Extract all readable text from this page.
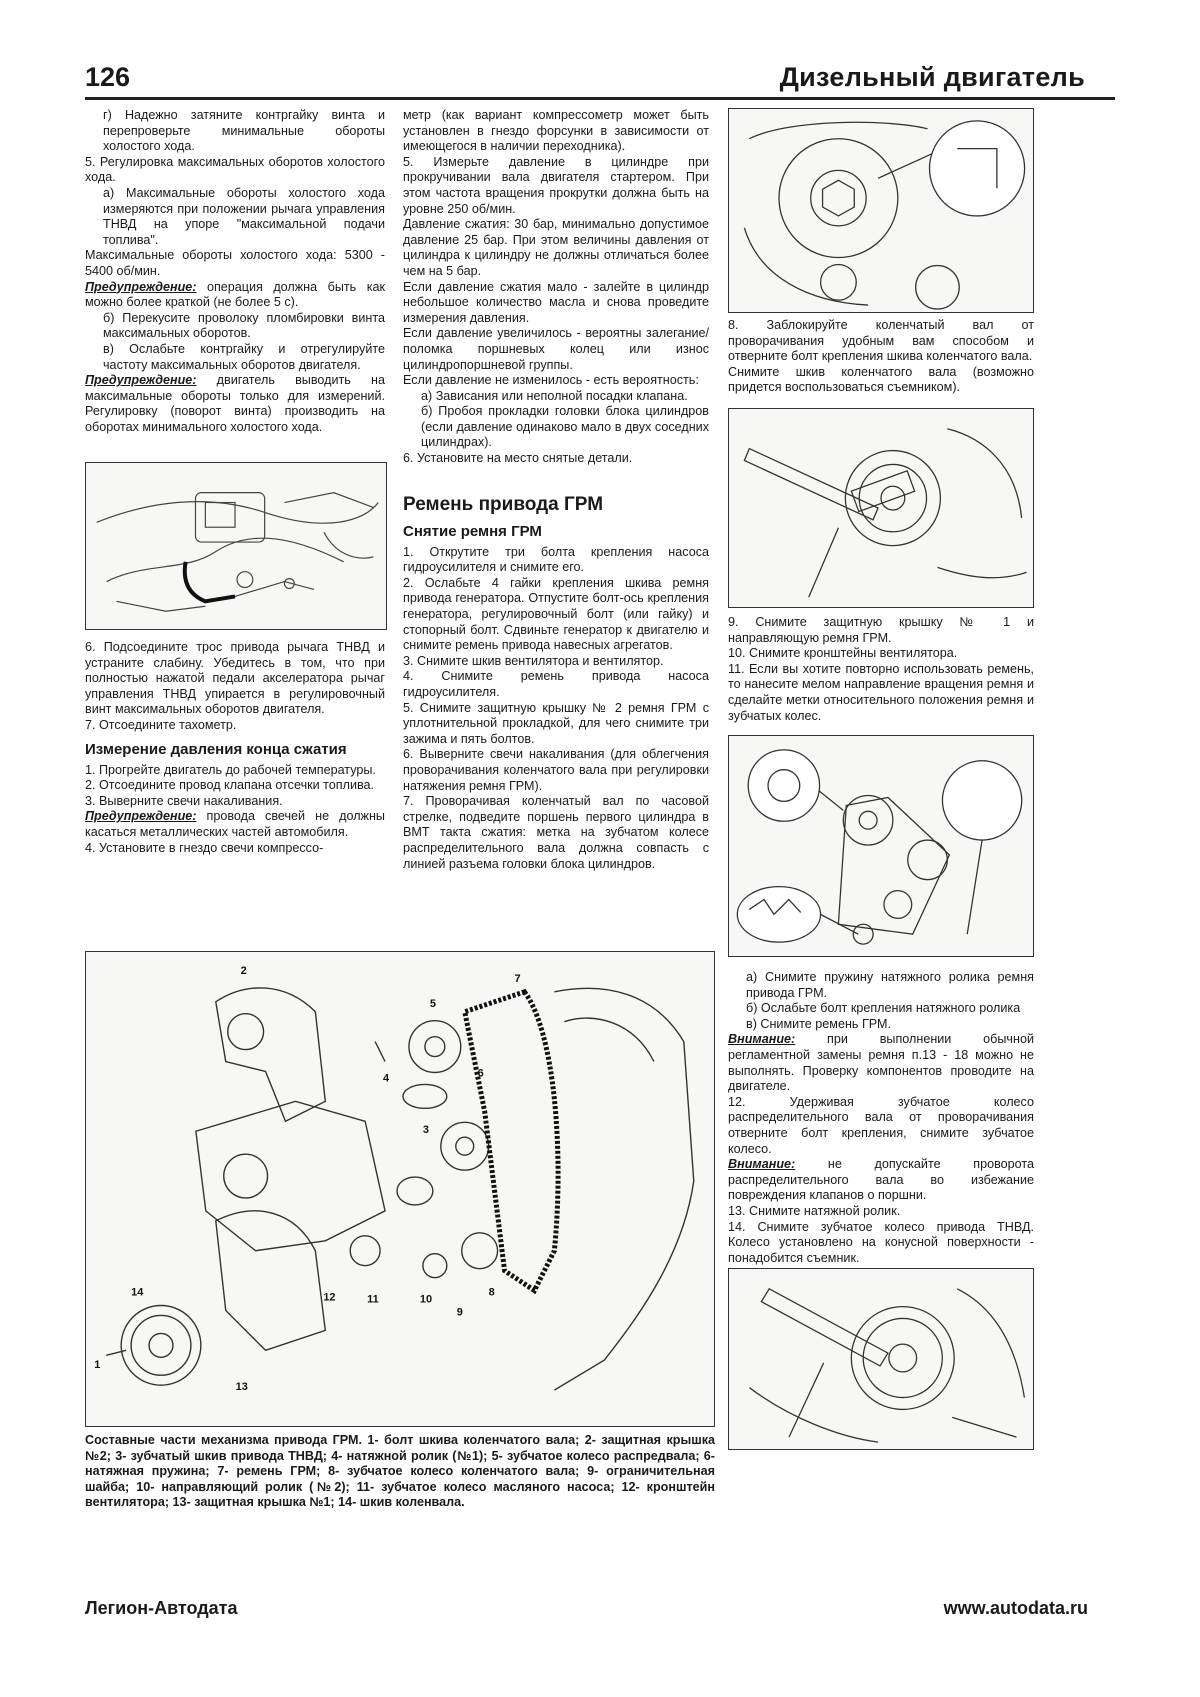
126	Дизельный двигатель

г) Надежно затяните контргайку винта и перепроверьте минимальные обороты холостого хода.

5. Регулировка максимальных оборотов холостого хода.

а) Максимальные обороты холостого хода измеряются при положении рычага управления ТНВД на упоре "максимальной подачи топлива".

Максимальные обороты холостого хода: 5300 - 5400 об/мин.

Предупреждение: операция должна быть как можно более краткой (не более 5 с).

б) Перекусите проволоку пломбировки винта максимальных оборотов.

в) Ослабьте контргайку и отрегулируйте частоту максимальных оборотов двигателя.

Предупреждение: двигатель выводить на максимальные обороты только для измерений. Регулировку (поворот винта) производить на оборотах минимального холостого хода.

6. Подсоедините трос привода рычага ТНВД и устраните слабину. Убедитесь в том, что при полностью нажатой педали акселератора рычаг управления ТНВД упирается в регулировочный винт максимальных оборотов двигателя.

7. Отсоедините тахометр.

Измерение давления конца сжатия

1. Прогрейте двигатель до рабочей температуры.

2. Отсоедините провод клапана отсечки топлива.

3. Выверните свечи накаливания.

Предупреждение: провода свечей не должны касаться металлических частей автомобиля.

4. Установите в гнездо свечи компрессо-

метр (как вариант компрессометр может быть установлен в гнездо форсунки в зависимости от имеющегося в наличии переходника).

5. Измерьте давление в цилиндре при прокручивании вала двигателя стартером. При этом частота вращения прокрутки должна быть на уровне 250 об/мин.

Давление сжатия: 30 бар, минимально допустимое давление 25 бар. При этом величины давления от цилиндра к цилиндру не должны отличаться более чем на 5 бар.

Если давление сжатия мало - залейте в цилиндр небольшое количество масла и снова проведите измерения давления.

Если давление увеличилось - вероятны залегание/поломка поршневых колец или износ цилиндропоршневой группы.

Если давление не изменилось - есть вероятность:

а) Зависания или неполной посадки клапана.

б) Пробоя прокладки головки блока цилиндров (если давление одинаково мало в двух соседних цилиндрах).

6. Установите на место снятые детали.

Ремень привода ГРМ
Снятие ремня ГРМ

1. Открутите три болта крепления насоса гидроусилителя и снимите его.

2. Ослабьте 4 гайки крепления шкива ремня привода генератора. Отпустите болт-ось крепления генератора, регулировочный болт (или гайку) и стопорный болт. Сдвиньте генератор к двигателю и снимите ремень привода навесных агрегатов.

3. Снимите шкив вентилятора и вентилятор.

4. Снимите ремень привода насоса гидроусилителя.

5. Снимите защитную крышку № 2 ремня ГРМ с уплотнительной прокладкой, для чего снимите три зажима и пять болтов.

6. Выверните свечи накаливания (для облегчения проворачивания коленчатого вала при регулировки натяжения ремня ГРМ).

7. Проворачивая коленчатый вал по часовой стрелке, подведите поршень первого цилиндра в ВМТ такта сжатия: метка на зубчатом колесе распределительного вала должна совпасть с линией разъема головки блока цилиндров.

8. Заблокируйте коленчатый вал от проворачивания удобным вам способом и отверните болт крепления шкива коленчатого вала.

Снимите шкив коленчатого вала (возможно придется воспользоваться съемником).

9. Снимите защитную крышку № 1 и направляющую ремня ГРМ.

10. Снимите кронштейны вентилятора.

11. Если вы хотите повторно использовать ремень, то нанесите мелом направление вращения ремня и сделайте метки относительного положения ремня и зубчатых колес.

а) Снимите пружину натяжного ролика ремня привода ГРМ.

б) Ослабьте болт крепления натяжного ролика

в) Снимите ремень ГРМ.

Внимание: при выполнении обычной регламентной замены ремня п.13 - 18 можно не выполнять. Проверку компонентов проводите на двигателе.

12. Удерживая зубчатое колесо распределительного вала от проворачивания отверните болт крепления, снимите зубчатое колесо.

Внимание: не допускайте проворота распределительного вала во избежание повреждения клапанов о поршни.

13. Снимите натяжной ролик.

14. Снимите зубчатое колесо привода ТНВД. Колесо установлено на конусной поверхности - понадобится съемник.

1
2
3
4
5
6
7
8
9
10
11
12
13
14
Составные части механизма привода ГРМ. 1- болт шкива коленчатого вала; 2- защитная крышка №2; 3- зубчатый шкив привода ТНВД; 4- натяжной ролик (№1); 5- зубчатое колесо распредвала; 6- натяжная пружина; 7- ремень ГРМ; 8- зубчатое колесо коленчатого вала; 9- ограничительная шайба; 10- направляющий ролик (№2); 11- зубчатое колесо масляного насоса; 12- кронштейн вентилятора; 13- защитная крышка №1; 14- шкив коленвала.
Легион-Автодата	www.autodata.ru
